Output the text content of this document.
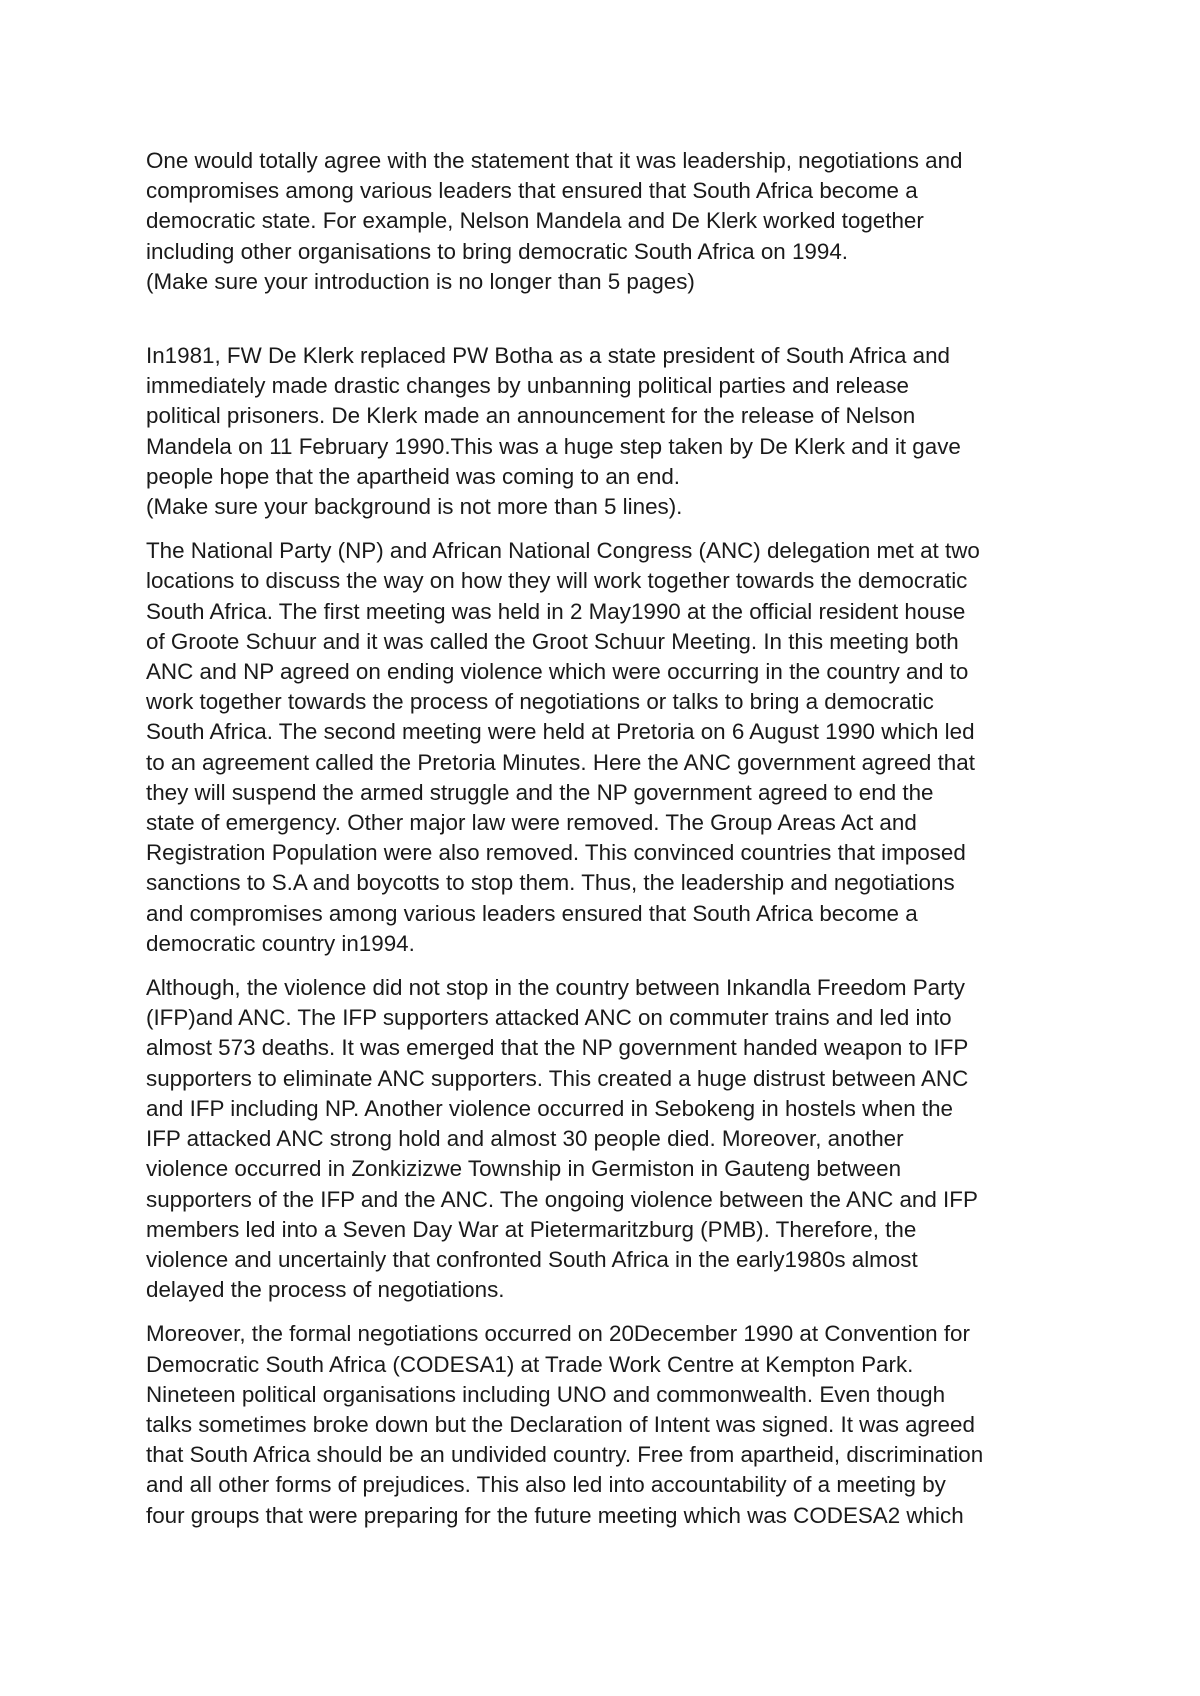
One would totally agree with the statement that it was leadership, negotiations and
compromises among various leaders that ensured that South Africa become a
democratic state. For example, Nelson Mandela and De Klerk worked together
including other organisations to bring democratic South Africa on 1994.
(Make sure your introduction is no longer than 5 pages)
In1981, FW De Klerk replaced PW Botha as a state president of South Africa and
immediately made drastic changes by unbanning political parties and release
political prisoners. De Klerk made an announcement for the release of Nelson
Mandela on 11 February 1990.This was a huge step taken by De Klerk and it gave
people hope that the apartheid was coming to an end.
(Make sure your background is not more than 5 lines).
The National Party (NP) and African National Congress (ANC) delegation met at two
locations to discuss the way on how they will work together towards the democratic
South Africa. The first meeting was held in 2 May1990 at the official resident house
of Groote Schuur and it was called the Groot Schuur Meeting. In this meeting both
ANC and NP agreed on ending violence which were occurring in the country and to
work together towards the process of negotiations or talks to bring a democratic
South Africa. The second meeting were held at Pretoria on 6 August 1990 which led
to an agreement called the Pretoria Minutes. Here the ANC government agreed that
they will suspend the armed struggle and the NP government agreed to end the
state of emergency. Other major law were removed. The Group Areas Act and
Registration Population were also removed. This convinced countries that imposed
sanctions to S.A and boycotts to stop them. Thus, the leadership and negotiations
and compromises among various leaders ensured that South Africa become a
democratic country in1994.
Although, the violence did not stop in the country between Inkandla Freedom Party
(IFP)and ANC. The IFP supporters attacked ANC on commuter trains and led into
almost 573 deaths. It was emerged that the NP government handed weapon to IFP
supporters to eliminate ANC supporters. This created a huge distrust between ANC
and IFP including NP. Another violence occurred in Sebokeng in hostels when the
IFP attacked ANC strong hold and almost 30 people died. Moreover, another
violence occurred in Zonkizizwe Township in Germiston in Gauteng between
supporters of the IFP and the ANC. The ongoing violence between the ANC and IFP
members led into a Seven Day War at Pietermaritzburg (PMB). Therefore, the
violence and uncertainly that confronted South Africa in the early1980s almost
delayed the process of negotiations.
Moreover, the formal negotiations occurred on 20December 1990 at Convention for
Democratic South Africa (CODESA1) at Trade Work Centre at Kempton Park.
Nineteen political organisations including UNO and commonwealth. Even though
talks sometimes broke down but the Declaration of Intent was signed. It was agreed
that South Africa should be an undivided country. Free from apartheid, discrimination
and all other forms of prejudices. This also led into accountability of a meeting by
four groups that were preparing for the future meeting which was CODESA2 which
